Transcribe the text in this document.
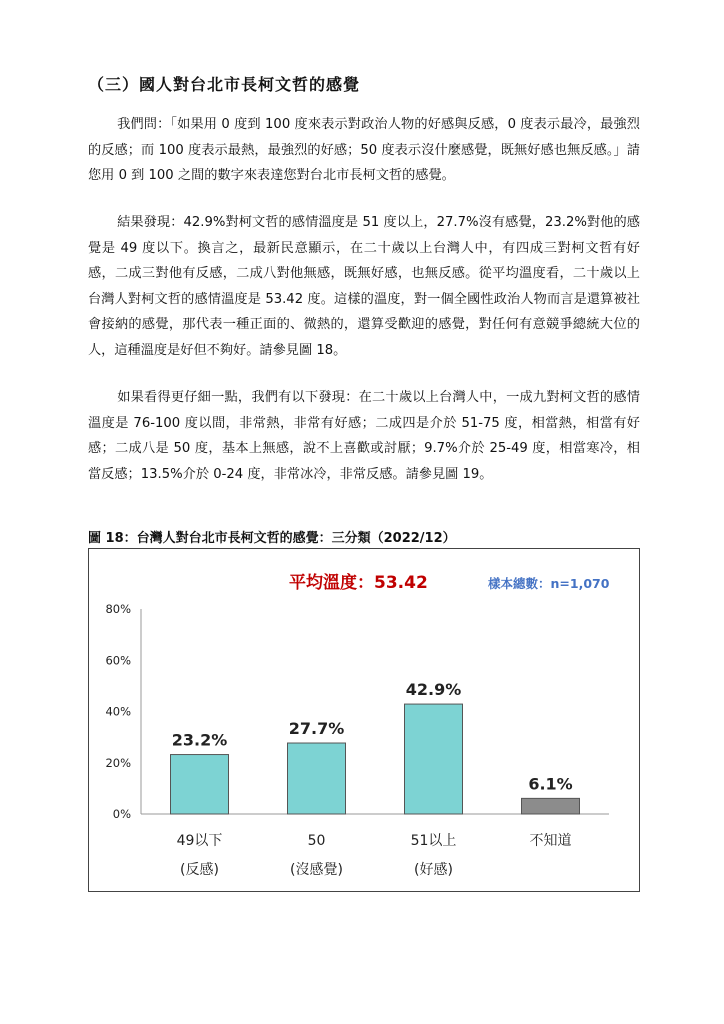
（三）國人對台北市長柯文哲的感覺
我們問：「如果用 0 度到 100 度來表示對政治人物的好感與反感，0 度表示最冷，最強烈的反感；而 100 度表示最熱，最強烈的好感；50 度表示沒什麼感覺，既無好感也無反感。」請您用 0 到 100 之間的數字來表達您對台北市長柯文哲的感覺。
結果發現：42.9%對柯文哲的感情溫度是 51 度以上，27.7%沒有感覺，23.2%對他的感覺是 49 度以下。換言之，最新民意顯示，在二十歲以上台灣人中，有四成三對柯文哲有好感，二成三對他有反感，二成八對他無感，既無好感，也無反感。從平均溫度看，二十歲以上台灣人對柯文哲的感情溫度是 53.42 度。這樣的溫度，對一個全國性政治人物而言是還算被社會接納的感覺，那代表一種正面的、微熱的，還算受歡迎的感覺，對任何有意競爭總統大位的人，這種溫度是好但不夠好。請參見圖 18。
如果看得更仔細一點，我們有以下發現：在二十歲以上台灣人中，一成九對柯文哲的感情溫度是 76-100 度以間，非常熱，非常有好感；二成四是介於 51-75 度，相當熱，相當有好感；二成八是 50 度，基本上無感，說不上喜歡或討厭；9.7%介於 25-49 度，相當寒冷，相當反感；13.5%介於 0-24 度，非常冰冷，非常反感。請參見圖 19。
圖 18：台灣人對台北市長柯文哲的感覺：三分類（2022/12）
平均溫度：53.42	樣本總數：n=1,070
0%
20%
40%
60%
80%
23.2%
49以下
(反感)
27.7%
50
(沒感覺)
42.9%
51以上
(好感)
6.1%
不知道
